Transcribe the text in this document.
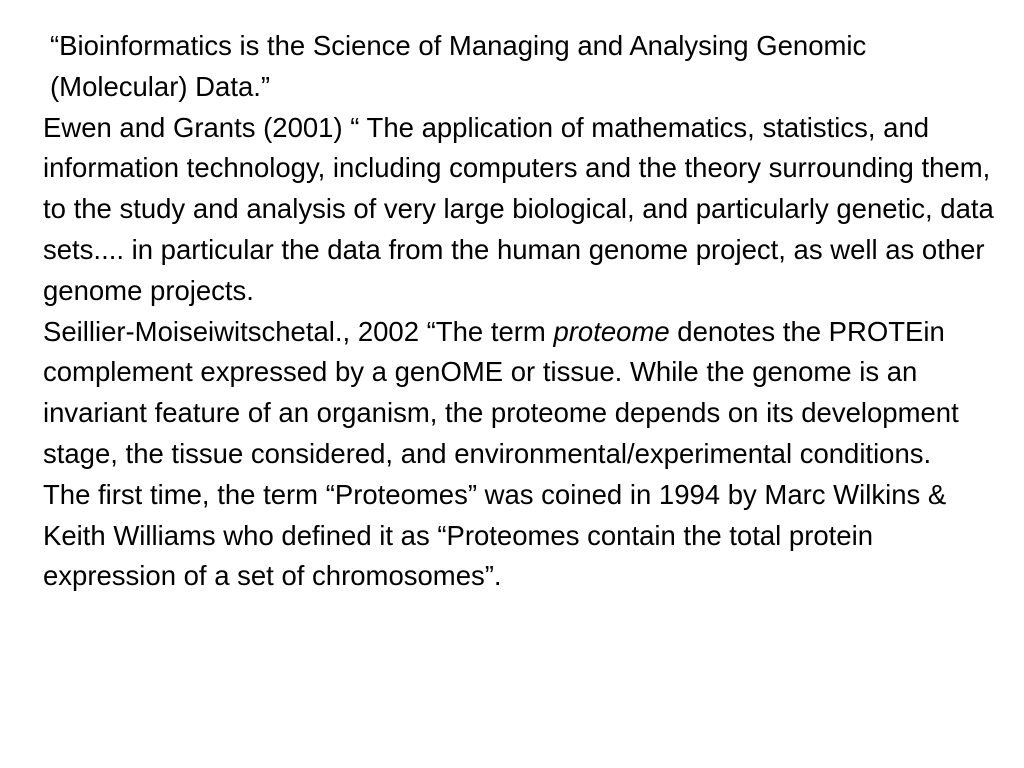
“Bioinformatics is the Science of Managing and Analysing Genomic (Molecular) Data.”

Ewen and Grants (2001) “ The application of mathematics, statistics, and information technology, including computers and the theory surrounding them, to the study and analysis of very large biological, and particularly genetic, data sets.... in particular the data from the human genome project, as well as other genome projects.

Seillier-Moiseiwitschetal., 2002 “The term proteome denotes the PROTEin complement expressed by a genOME or tissue. While the genome is an invariant feature of an organism, the proteome depends on its development stage, the tissue considered, and environmental/experimental conditions.

The first time, the term “Proteomes” was coined in 1994 by Marc Wilkins & Keith Williams who defined it as “Proteomes contain the total protein expression of a set of chromosomes”.
